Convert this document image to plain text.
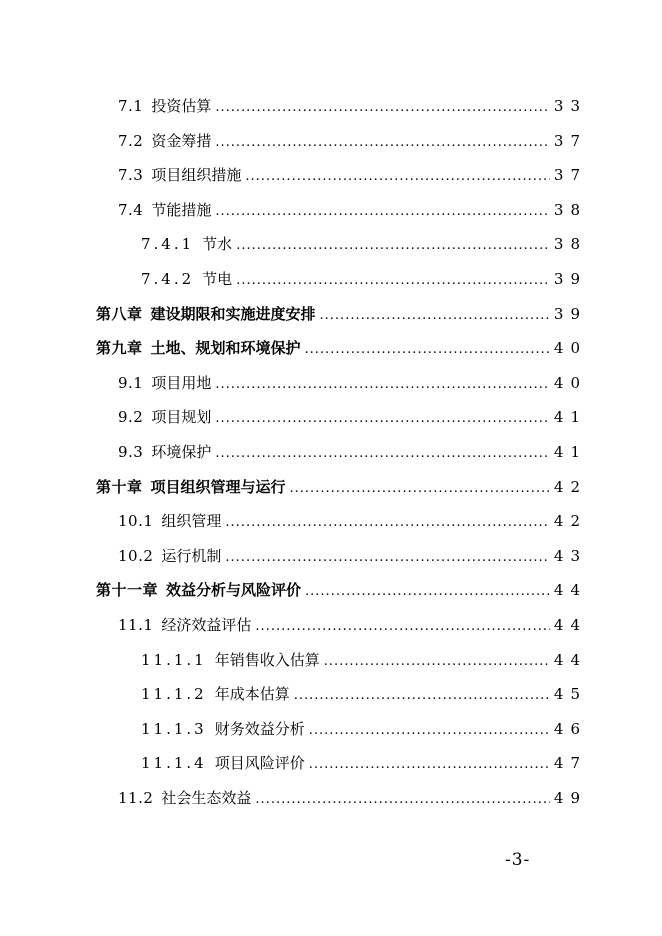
7.1 投资估算 .....	33
7.2 资金筹措 .....	37
7.3 项目组织措施 .....	37
7.4 节能措施 .....	38
7.4.1 节水 .....	38
7.4.2 节电 .....	39
第八章 建设期限和实施进度安排 .....	39
第九章 土地、规划和环境保护 .....	40
9.1 项目用地 .....	40
9.2 项目规划 .....	41
9.3 环境保护 .....	41
第十章 项目组织管理与运行 .....	42
10.1 组织管理 .....	42
10.2 运行机制 .....	43
第十一章 效益分析与风险评价 .....	44
11.1 经济效益评估 .....	44
11.1.1 年销售收入估算 .....	44
11.1.2 年成本估算 .....	45
11.1.3 财务效益分析 .....	46
11.1.4 项目风险评价 .....	47
11.2 社会生态效益 .....	49
-3-
